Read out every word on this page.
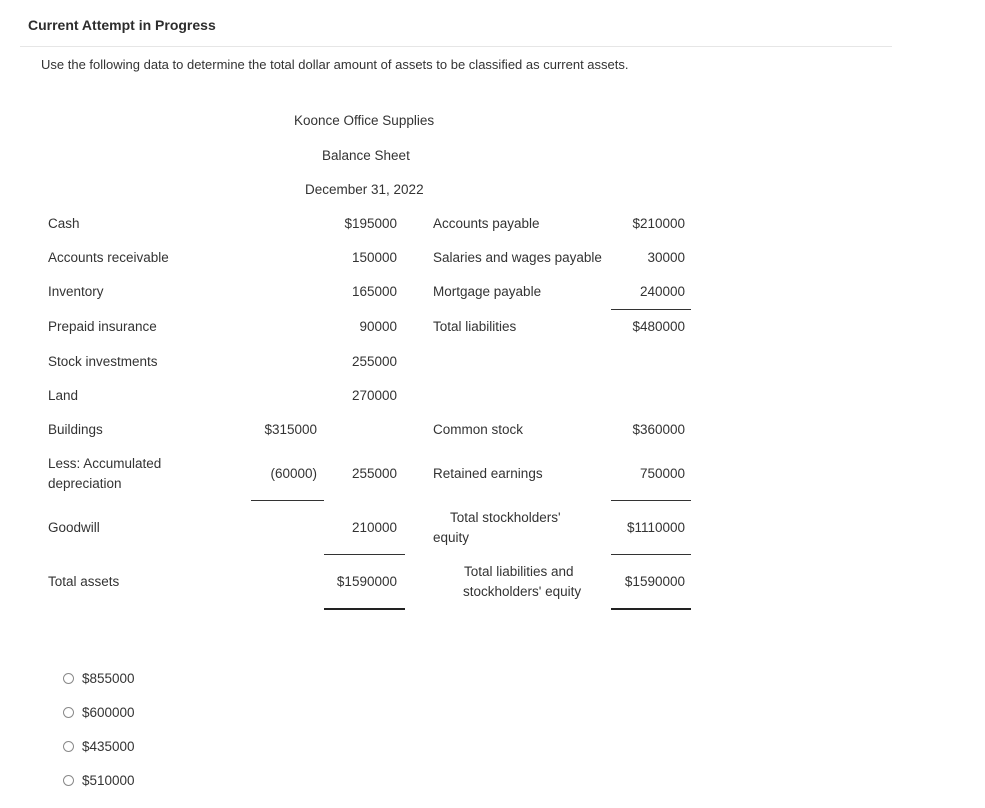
Current Attempt in Progress
Use the following data to determine the total dollar amount of assets to be classified as current assets.
Koonce Office Supplies
Balance Sheet
December 31, 2022
Cash
Accounts receivable
Inventory
Prepaid insurance
Stock investments
Land
Buildings
Less: Accumulated
depreciation
Goodwill
Total assets
$315000
(60000)
$195000
150000
165000
90000
255000
270000
255000
210000
$1590000
Accounts payable
Salaries and wages payable
Mortgage payable
Total liabilities
Common stock
Retained earnings
Total stockholders'
equity
Total liabilities and
stockholders' equity
$210000
30000
240000
$480000
$360000
750000
$1110000
$1590000
$855000
$600000
$435000
$510000
